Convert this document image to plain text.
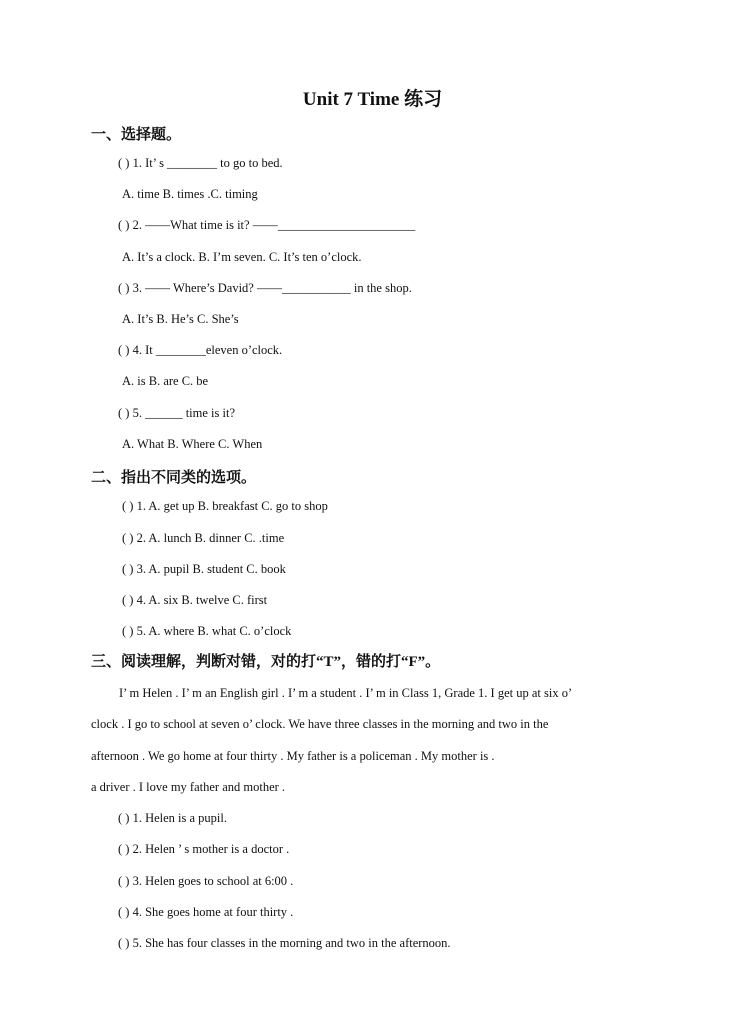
Unit 7 Time 练习
一、选择题。
( ) 1. It’ s ________ to go to bed.
A. time B. times .C. timing
( ) 2. ——What time is it? ——______________________
A. It’s a clock. B. I’m seven. C. It’s ten o’clock.
( ) 3. —— Where’s David? ——___________ in the shop.
A. It’s B. He’s C. She’s
( ) 4. It ________eleven o’clock.
A. is B. are C. be
( ) 5. ______ time is it?
A. What B. Where C. When
二、指出不同类的选项。
( ) 1. A. get up B. breakfast C. go to shop
( ) 2. A. lunch B. dinner C. .time
( ) 3. A. pupil B. student C. book
( ) 4. A. six B. twelve C. first
( ) 5. A. where B. what C. o’clock
三、阅读理解，判断对错，对的打“T”，错的打“F”。
I’ m Helen . I’ m an English girl . I’ m a student . I’ m in Class 1, Grade 1. I get up at six o’
clock . I go to school at seven o’ clock. We have three classes in the morning and two in the
afternoon . We go home at four thirty . My father is a policeman . My mother is .
a driver . I love my father and mother .
( ) 1. Helen is a pupil.
( ) 2. Helen ’ s mother is a doctor .
( ) 3. Helen goes to school at 6:00 .
( ) 4. She goes home at four thirty .
( ) 5. She has four classes in the morning and two in the afternoon.
